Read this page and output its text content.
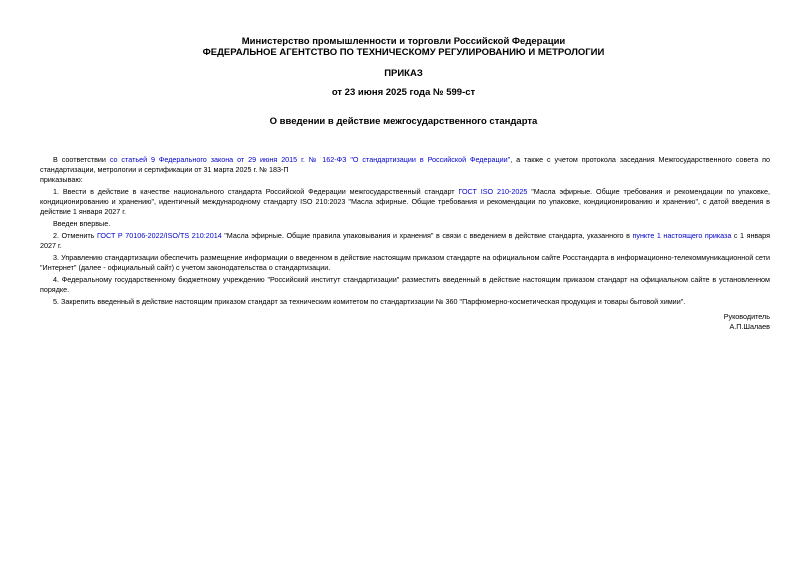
Министерство промышленности и торговли Российской Федерации
ФЕДЕРАЛЬНОЕ АГЕНТСТВО ПО ТЕХНИЧЕСКОМУ РЕГУЛИРОВАНИЮ И МЕТРОЛОГИИ
ПРИКАЗ
от 23 июня 2025 года № 599-ст
О введении в действие межгосударственного стандарта

В соответствии со статьей 9 Федерального закона от 29 июня 2015 г. № 162-ФЗ "О стандартизации в Российской Федерации", а также с учетом протокола заседания Межгосударственного совета по стандартизации, метрологии и сертификации от 31 марта 2025 г. № 183-П

приказываю:

1. Ввести в действие в качестве национального стандарта Российской Федерации межгосударственный стандарт ГОСТ ISO 210-2025 "Масла эфирные. Общие требования и рекомендации по упаковке, кондиционированию и хранению", идентичный международному стандарту ISO 210:2023 "Масла эфирные. Общие требования и рекомендации по упаковке, кондиционированию и хранению", с датой введения в действие 1 января 2027 г.

Введен впервые.

2. Отменить ГОСТ Р 70106-2022/ISO/TS 210:2014 "Масла эфирные. Общие правила упаковывания и хранения" в связи с введением в действие стандарта, указанного в пункте 1 настоящего приказа с 1 января 2027 г.

3. Управлению стандартизации обеспечить размещение информации о введенном в действие настоящим приказом стандарте на официальном сайте Росстандарта в информационно-телекоммуникационной сети "Интернет" (далее - официальный сайт) с учетом законодательства о стандартизации.

4. Федеральному государственному бюджетному учреждению "Российский институт стандартизации" разместить введенный в действие настоящим приказом стандарт на официальном сайте в установленном порядке.

5. Закрепить введенный в действие настоящим приказом стандарт за техническим комитетом по стандартизации № 360 "Парфюмерно-косметическая продукция и товары бытовой химии".

Руководитель

А.П.Шалаев
